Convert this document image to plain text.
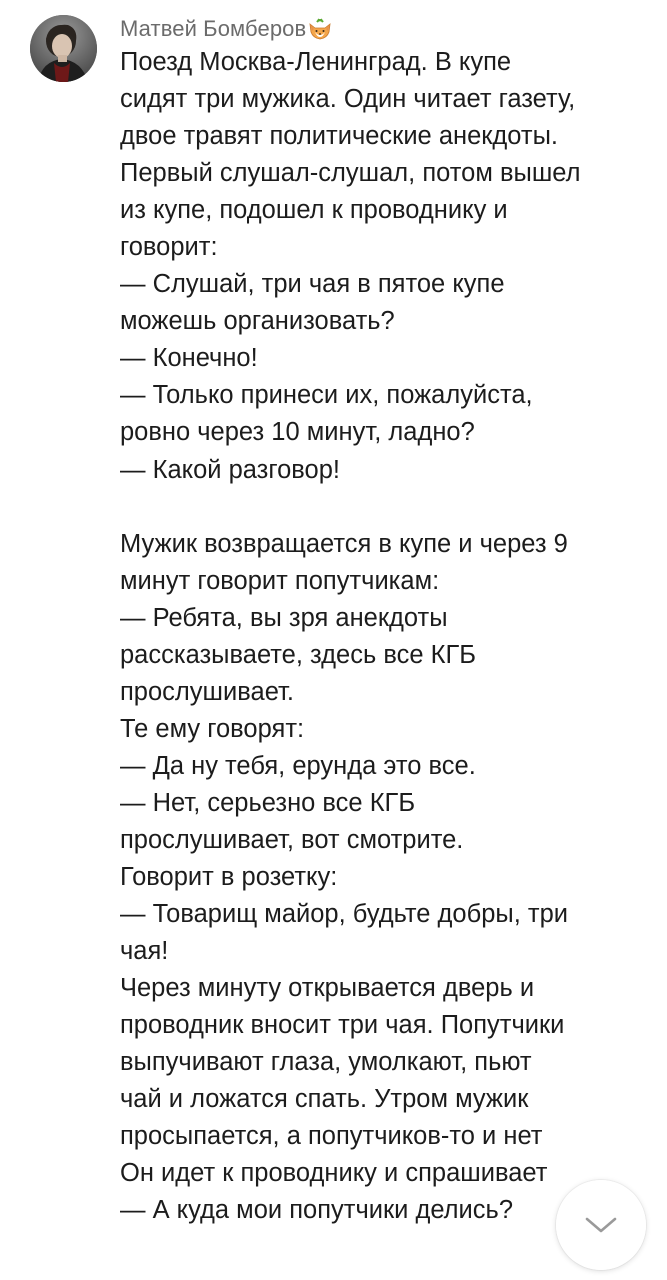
Матвей Бомберов
Поезд Москва-Ленинград. В купе
сидят три мужика. Один читает газету,
двое травят политические анекдоты.
Первый слушал-слушал, потом вышел
из купе, подошел к проводнику и
говорит:
— Слушай, три чая в пятое купе
можешь организовать?
— Конечно!
— Только принеси их, пожалуйста,
ровно через 10 минут, ладно?
— Какой разговор!

Мужик возвращается в купе и через 9
минут говорит попутчикам:
— Ребята, вы зря анекдоты
рассказываете, здесь все КГБ
прослушивает.
Те ему говорят:
— Да ну тебя, ерунда это все.
— Нет, серьезно все КГБ
прослушивает, вот смотрите.
Говорит в розетку:
— Товарищ майор, будьте добры, три
чая!
Через минуту открывается дверь и
проводник вносит три чая. Попутчики
выпучивают глаза, умолкают, пьют
чай и ложатся спать. Утром мужик
просыпается, а попутчиков-то и нет
Он идет к проводнику и спрашивает
— А куда мои попутчики делись?
